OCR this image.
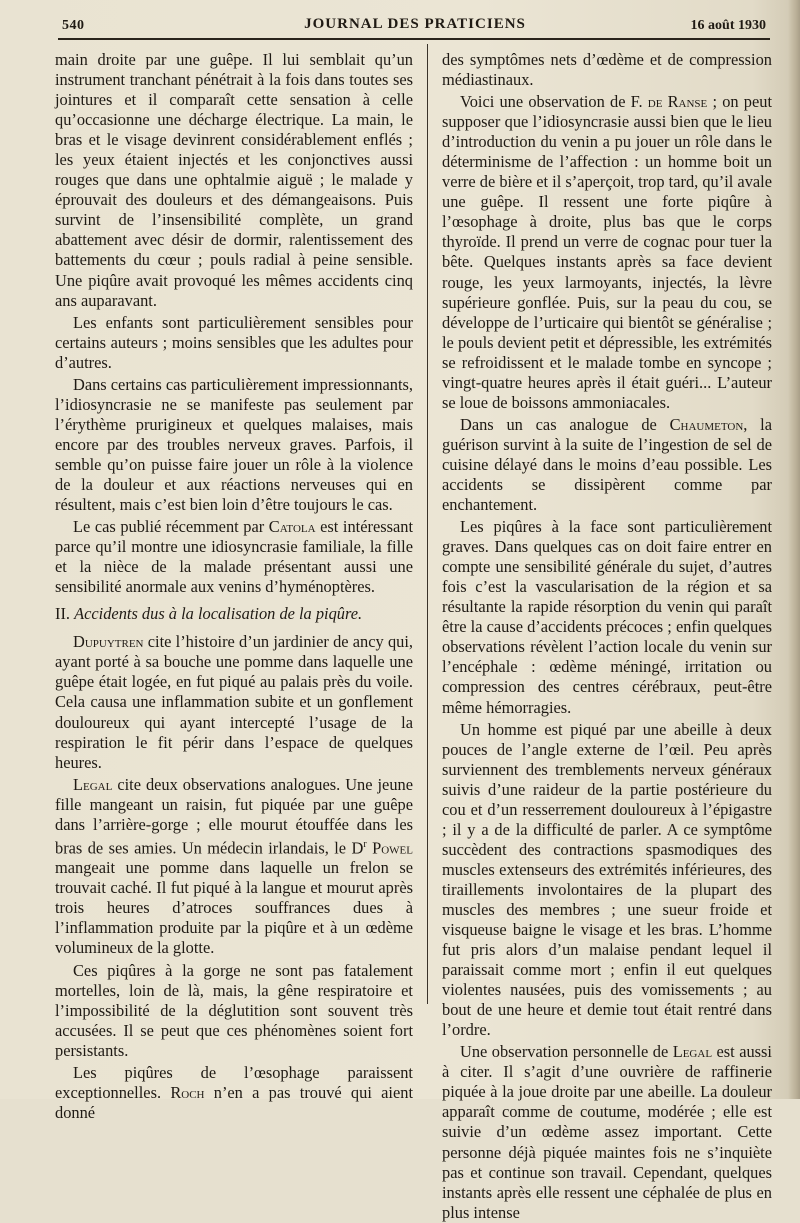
540	JOURNAL DES PRATICIENS	16 août 1930

main droite par une guêpe. Il lui semblait qu’un instrument tranchant pénétrait à la fois dans toutes ses jointures et il comparaît cette sensation à celle qu’occasionne une décharge électrique. La main, le bras et le visage devinrent considérablement enflés ; les yeux étaient injectés et les conjonctives aussi rouges que dans une ophtalmie aiguë ; le malade y éprouvait des douleurs et des démangeaisons. Puis survint de l’insensibilité complète, un grand abattement avec désir de dormir, ralentissement des battements du cœur ; pouls radial à peine sensible. Une piqûre avait provoqué les mêmes accidents cinq ans auparavant.

Les enfants sont particulièrement sensibles pour certains auteurs ; moins sensibles que les adultes pour d’autres.

Dans certains cas particulièrement impressionnants, l’idiosyncrasie ne se manifeste pas seulement par l’érythème prurigineux et quelques malaises, mais encore par des troubles nerveux graves. Parfois, il semble qu’on puisse faire jouer un rôle à la violence de la douleur et aux réactions nerveuses qui en résultent, mais c’est bien loin d’être toujours le cas.

Le cas publié récemment par Catola est intéressant parce qu’il montre une idiosyncrasie familiale, la fille et la nièce de la malade présentant aussi une sensibilité anormale aux venins d’hyménoptères.

II. Accidents dus à la localisation de la piqûre.

Dupuytren cite l’histoire d’un jardinier de ancy qui, ayant porté à sa bouche une pomme dans laquelle une guêpe était logée, en fut piqué au palais près du voile. Cela causa une inflammation subite et un gonflement douloureux qui ayant intercepté l’usage de la respiration le fit périr dans l’espace de quelques heures.

Legal cite deux observations analogues. Une jeune fille mangeant un raisin, fut piquée par une guêpe dans l’arrière-gorge ; elle mourut étouffée dans les bras de ses amies. Un médecin irlandais, le $D^r$ Powel mangeait une pomme dans laquelle un frelon se trouvait caché. Il fut piqué à la langue et mourut après trois heures d’atroces souffrances dues à l’inflammation produite par la piqûre et à un œdème volumineux de la glotte.

Ces piqûres à la gorge ne sont pas fatalement mortelles, loin de là, mais, la gêne respiratoire et l’impossibilité de la déglutition sont souvent très accusées. Il se peut que ces phénomènes soient fort persistants.

Les piqûres de l’œsophage paraissent exceptionnelles. Roch n’en a pas trouvé qui aient donné

des symptômes nets d’œdème et de compression médiastinaux.

Voici une observation de F. de Ranse ; on peut supposer que l’idiosyncrasie aussi bien que le lieu d’introduction du venin a pu jouer un rôle dans le déterminisme de l’affection : un homme boit un verre de bière et il s’aperçoit, trop tard, qu’il avale une guêpe. Il ressent une forte piqûre à l’œsophage à droite, plus bas que le corps thyroïde. Il prend un verre de cognac pour tuer la bête. Quelques instants après sa face devient rouge, les yeux larmoyants, injectés, la lèvre supérieure gonflée. Puis, sur la peau du cou, se développe de l’urticaire qui bientôt se généralise ; le pouls devient petit et dépressible, les extrémités se refroidissent et le malade tombe en syncope ; vingt-quatre heures après il était guéri... L’auteur se loue de boissons ammoniacales.

Dans un cas analogue de Chaumeton, la guérison survint à la suite de l’ingestion de sel de cuisine délayé dans le moins d’eau possible. Les accidents se dissipèrent comme par enchantement.

Les piqûres à la face sont particulièrement graves. Dans quelques cas on doit faire entrer en compte une sensibilité générale du sujet, d’autres fois c’est la vascularisation de la région et sa résultante la rapide résorption du venin qui paraît être la cause d’accidents précoces ; enfin quelques observations révèlent l’action locale du venin sur l’encéphale : œdème méningé, irritation ou compression des centres cérébraux, peut-être même hémorragies.

Un homme est piqué par une abeille à deux pouces de l’angle externe de l’œil. Peu après surviennent des tremblements nerveux généraux suivis d’une raideur de la partie postérieure du cou et d’un resserrement douloureux à l’épigastre ; il y a de la difficulté de parler. A ce symptôme succèdent des contractions spasmodiques des muscles extenseurs des extrémités inférieures, des tiraillements involontaires de la plupart des muscles des membres ; une sueur froide et visqueuse baigne le visage et les bras. L’homme fut pris alors d’un malaise pendant lequel il paraissait comme mort ; enfin il eut quelques violentes nausées, puis des vomissements ; au bout de une heure et demie tout était rentré dans l’ordre.

Une observation personnelle de Legal est aussi à citer. Il s’agit d’une ouvrière de raffinerie piquée à la joue droite par une abeille. La douleur apparaît comme de coutume, modérée ; elle est suivie d’un œdème assez important. Cette personne déjà piquée maintes fois ne s’inquiète pas et continue son travail. Cependant, quelques instants après elle ressent une céphalée de plus en plus intense
